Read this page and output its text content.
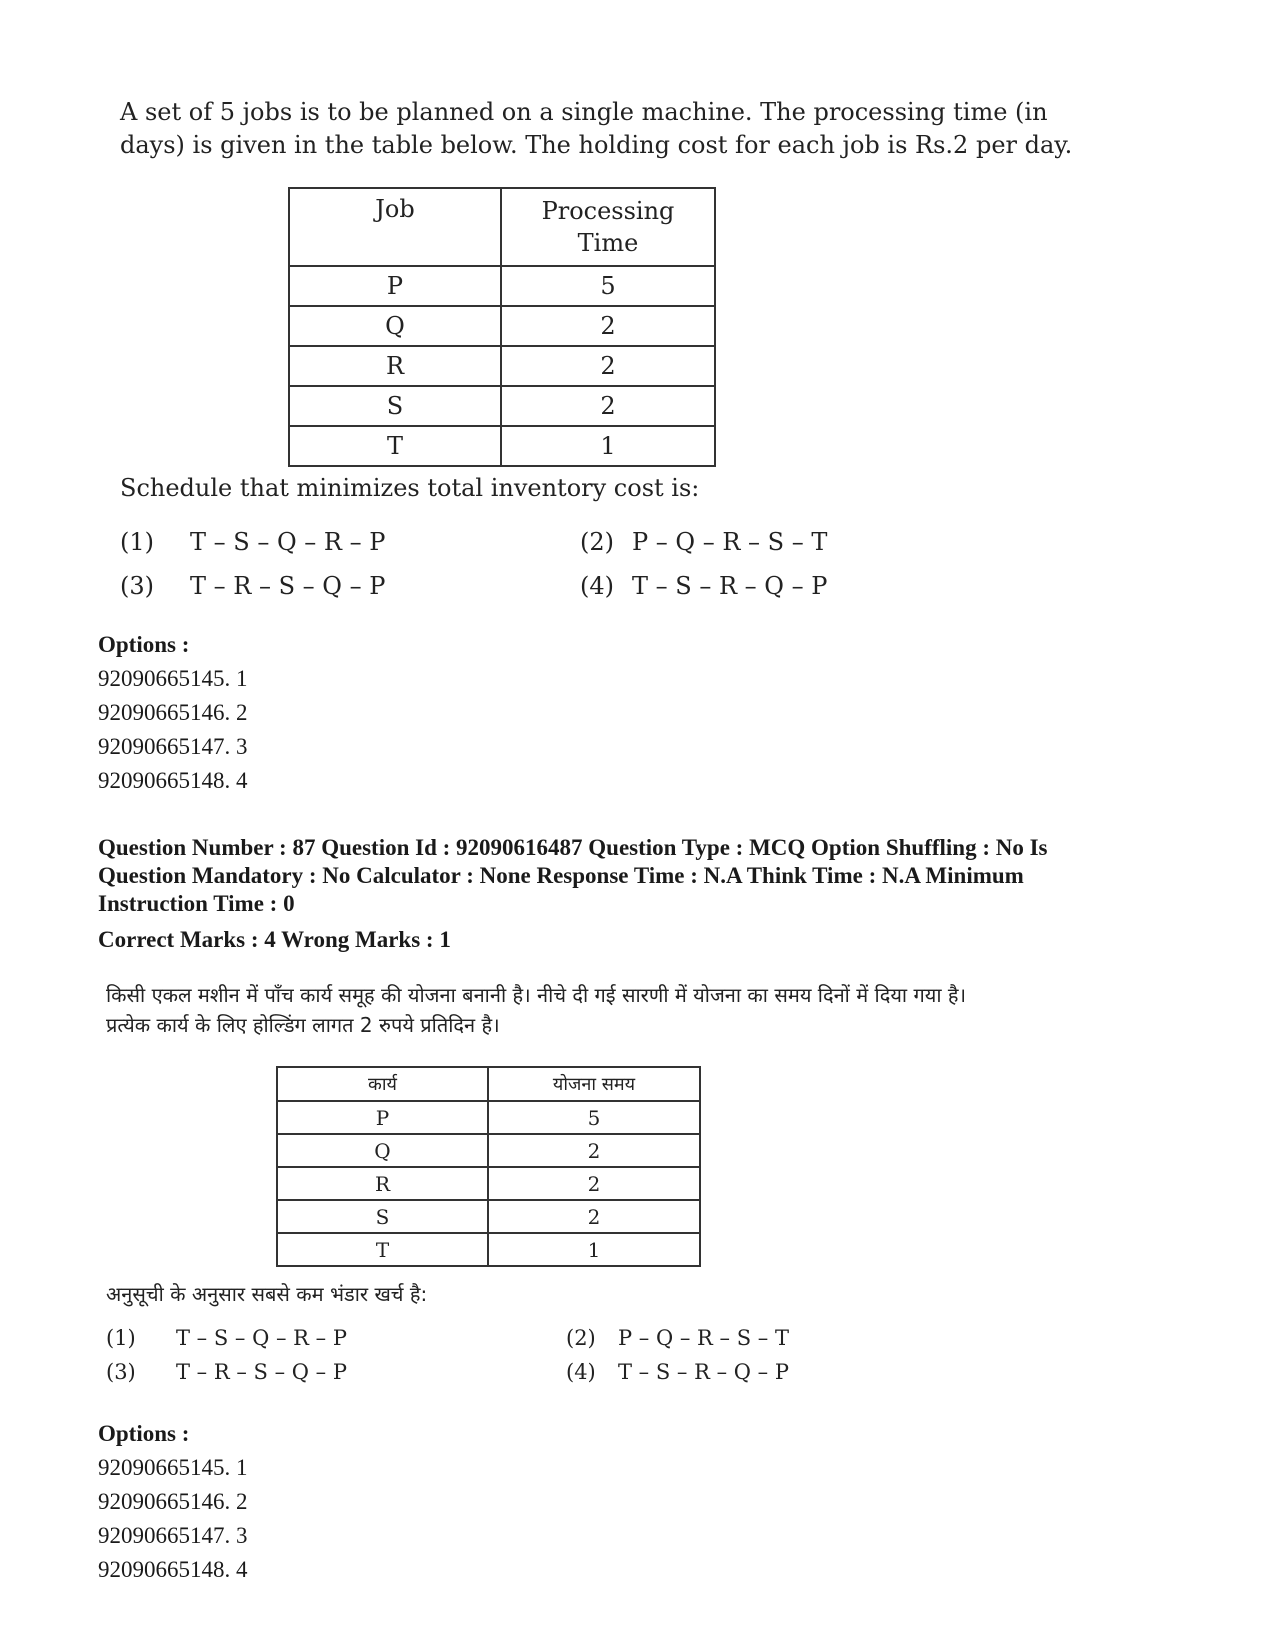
A set of 5 jobs is to be planned on a single machine. The processing time (in

days) is given in the table below. The holding cost for each job is Rs.2 per day.

Job	Processing
Time
P	5
Q	2
R	2
S	2
T	1
Schedule that minimizes total inventory cost is:
(1) T – S – Q – R – P	(2) P – Q – R – S – T
(3) T – R – S – Q – P	(4) T – S – R – Q – P
Options :
92090665145. 1
92090665146. 2
92090665147. 3
92090665148. 4
Question Number : 87 Question Id : 92090616487 Question Type : MCQ Option Shuffling : No Is
Question Mandatory : No Calculator : None Response Time : N.A Think Time : N.A Minimum
Instruction Time : 0
Correct Marks : 4 Wrong Marks : 1

किसी एकल मशीन में पाँच कार्य समूह की योजना बनानी है। नीचे दी गई सारणी में योजना का समय दिनों में दिया गया है।

प्रत्येक कार्य के लिए होल्डिंग लागत 2 रुपये प्रतिदिन है।

कार्य	योजना समय
P	5
Q	2
R	2
S	2
T	1
अनुसूची के अनुसार सबसे कम भंडार खर्च है:
(1) T – S – Q – R – P	(2) P – Q – R – S – T
(3) T – R – S – Q – P	(4) T – S – R – Q – P
Options :
92090665145. 1
92090665146. 2
92090665147. 3
92090665148. 4
